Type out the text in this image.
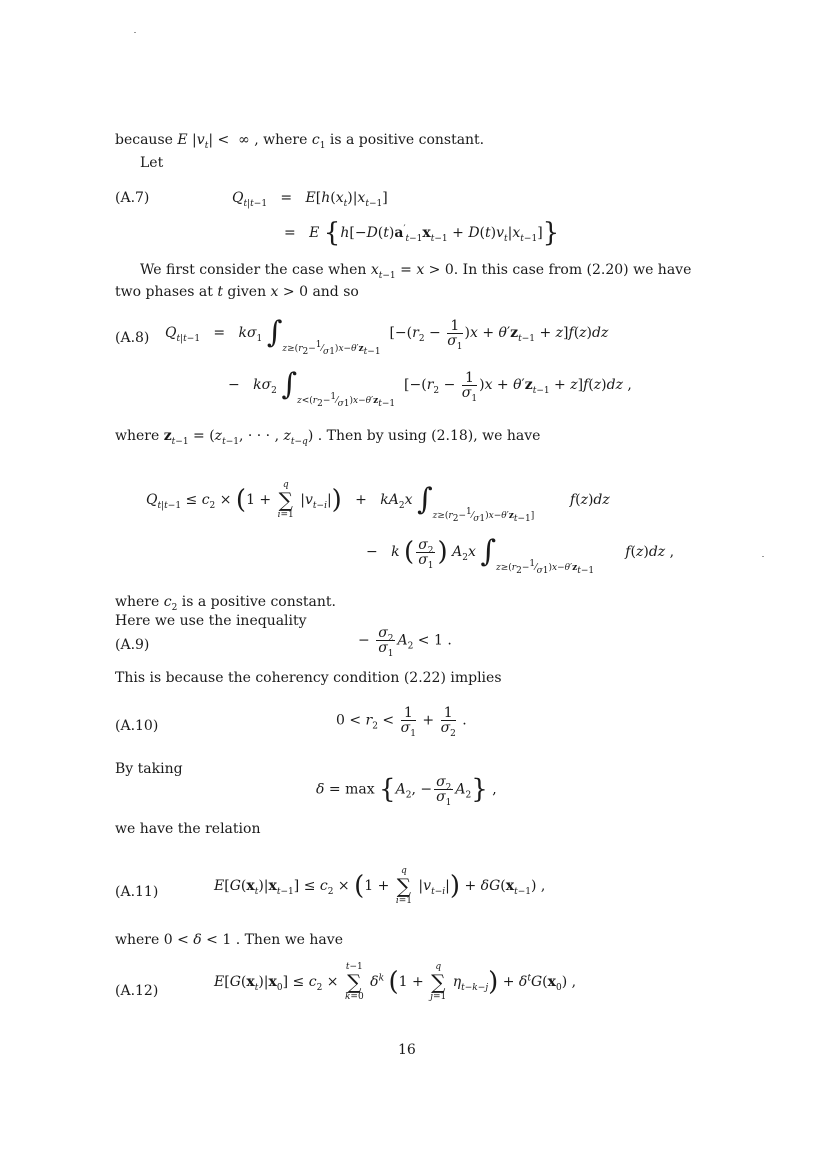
because E $|v_t|$ <  ∞ , where $c_1$ is a positive constant.
Let
(A.7)	$Q_{t|t-1} = E[h(x_t)|x_{t-1}]$
=   E $\{h[-D(t)a'_{t-1}x_{t-1} + D(t)v_t|x_{t-1}]\}$
We first consider the case when $x_{t-1} = x > 0$. In this case from (2.20) we have
two phases at t given x > 0 and so
(A.8) $Q_{t|t-1} = k\sigma_1$ $\int_{z\ge(r_2-^1⁄_{\sigma 1})x-\theta'z_{t-1}}$  $[-(r_2 - \frac{1}{\sigma_1} )x + \theta'z_{t-1} + z]f(z)dz$
−   $k\sigma_2$ $\int_{z<(r_2-^1⁄_{\sigma 1})x-\theta'z_{t-1}}$  $[-(r_2 - \frac{1}{\sigma_1} )x + \theta'z_{t-1} + z]f(z)dz$ ,
where $z_{t-1} = (z_{t-1}$, · · · , $z_{t-q}$) . Then by using (2.18), we have
$Q_{t|t-1} \le c_2 \times (1$ +
q
∑
i=1
$|v_{t-i}|) + kA_2x$ $\int_{z\ge(r_2-^1⁄_{\sigma 1})x-\theta'z_{t-1}]}$        f(z)dz
−   k ( $\frac{\sigma_2}{\sigma_1}$ ) $A_2x$ $\int_{z\ge(r_2-^1⁄_{\sigma 1})x-\theta'z_{t-1}}$       f(z)dz ,
where $c_2$ is a positive constant.
Here we use the inequality
(A.9)	− $\frac{\sigma_2}{\sigma_1} A_2 < 1$ .
This is because the coherency condition (2.22) implies
(A.10)	$0 < r_2 < \frac{1}{\sigma_1} + \frac{1}{\sigma_2}$ .
By taking
$\delta = \max \{A_2$, − $\frac{\sigma_2}{\sigma_1} A_2$} ,
we have the relation
(A.11)	$E[G(x_t)|x_{t-1}] \le c_2 \times (1$ +
q
∑
i=1
$|v_{t-i}|) + \delta G(x_{t-1})$ ,
where 0 < δ < 1 . Then we have
(A.12)
$E[G(x_t)|x_0] \le c_2$ ×
t−1
∑
k=0
$\delta^k$ (1 +
q
∑
j=1
$\eta_{t-k-j}) + \delta^tG(x_0)$ ,
16
